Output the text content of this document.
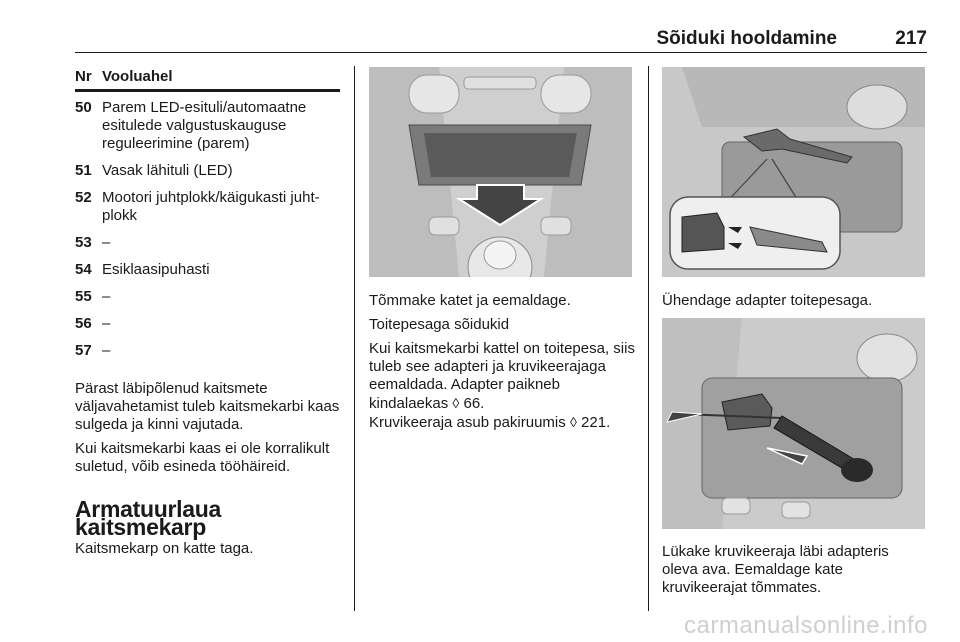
Sõiduki hooldamine	217
Nr Vooluahel
50 Parem LED-esituli/automaatne esitulede valgustuskauguse reguleerimine (parem)
51 Vasak lähituli (LED)
52 Mootori juhtplokk/käigukasti juht-plokk
53 –
54 Esiklaasipuhasti
55 –
56 –
57 –

Pärast läbipõlenud kaitsmete väljavahetamist tuleb kaitsmekarbi kaas sulgeda ja kinni vajutada.

Kui kaitsmekarbi kaas ei ole korralikult suletud, võib esineda tööhäireid.

Armatuurlaua kaitsmekarp

Kaitsmekarp on katte taga.

Tõmmake katet ja eemaldage.

Toitepesaga sõidukid

Kui kaitsmekarbi kattel on toitepesa, siis tuleb see adapteri ja kruvikeerajaga eemaldada. Adapter paikneb kindalaekas ◊ 66.
Kruvikeeraja asub pakiruumis ◊ 221.

Ühendage adapter toitepesaga.

Lükake kruvikeeraja läbi adapteris oleva ava. Eemaldage kate kruvikeerajat tõmmates.

carmanualsonline.info
